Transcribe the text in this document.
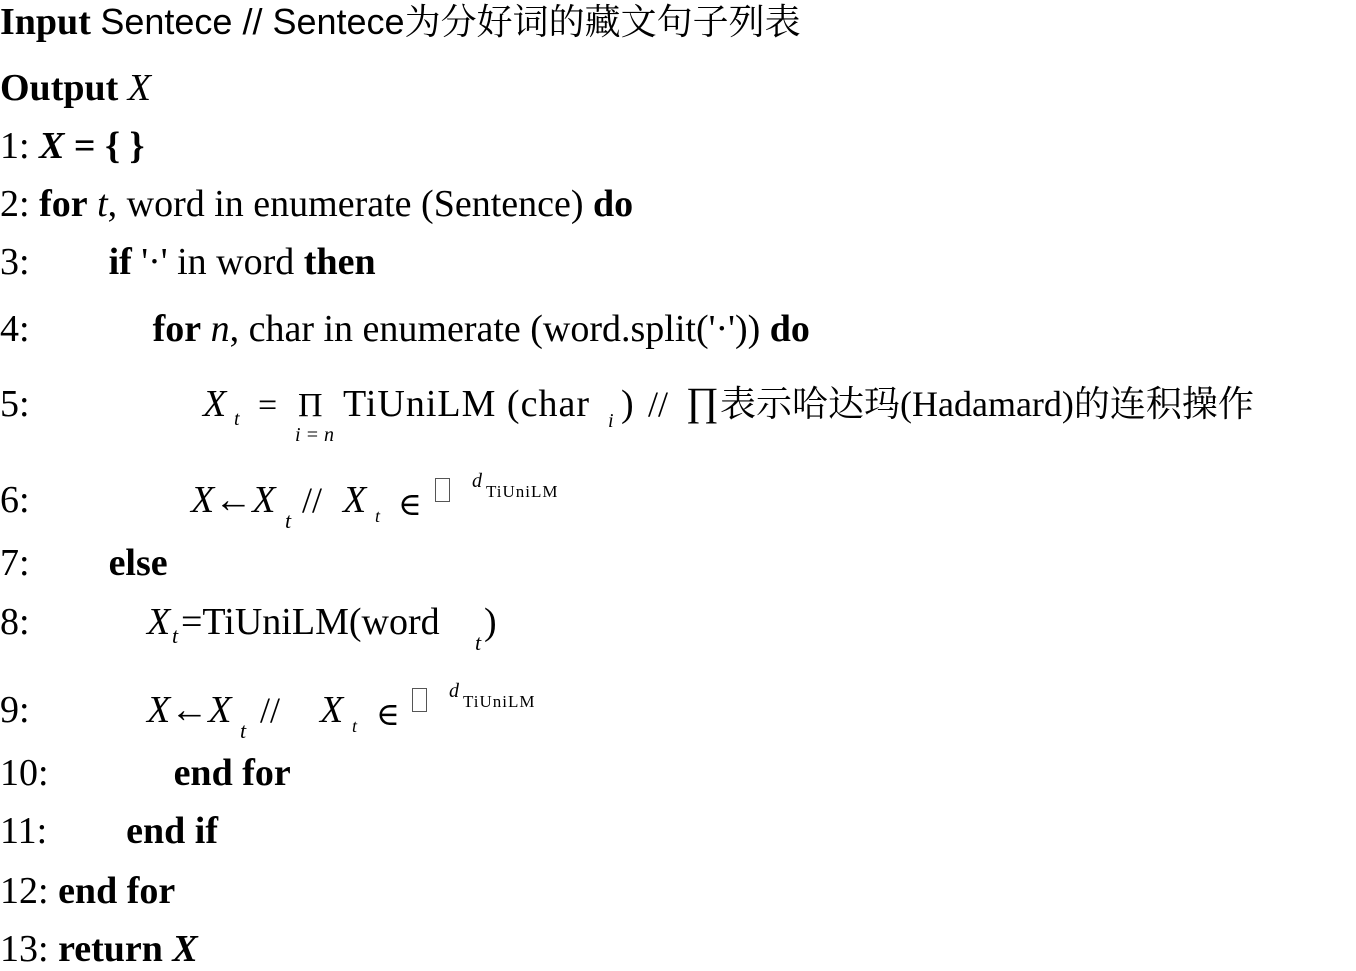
Input Sentece // Sentece为分好词的藏文句子列表
Output X
1: X = { }
2: for t, word in enumerate (Sentence) do
3: if '·' in word then
4:	for n, char in enumerate (word.split('·')) do
5:	X t = Π
i = n
TiUniLM (char i ) // ∏ 表示哈达玛(Hadamard)的连积操作
6:	X←X t
// X t ∈
d TiUniLM
7: else
8:	X t =TiUniLM(word t )
9:	X←X t
// X t ∈
d TiUniLM
10:	end for
11: end if
12: end for
13: return X
